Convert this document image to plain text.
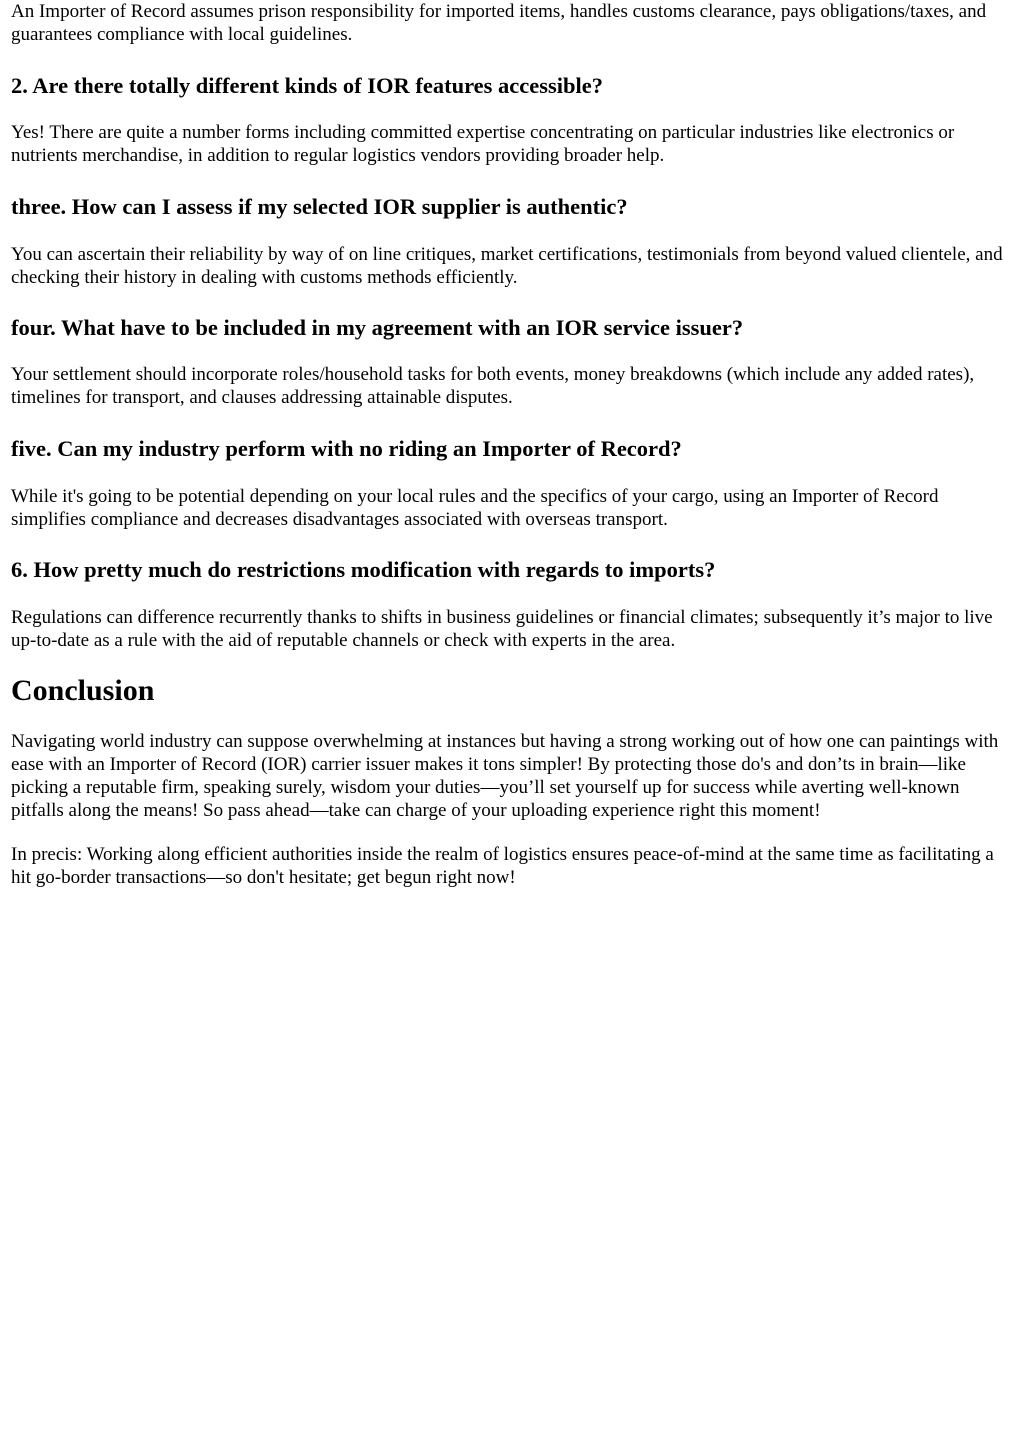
An Importer of Record assumes prison responsibility for imported items, handles customs clearance, pays obligations/taxes, and guarantees compliance with local guidelines.

2. Are there totally different kinds of IOR features accessible?

Yes! There are quite a number forms including committed expertise concentrating on particular industries like electronics or nutrients merchandise, in addition to regular logistics vendors providing broader help.

three. How can I assess if my selected IOR supplier is authentic?

You can ascertain their reliability by way of on line critiques, market certifications, testimonials from beyond valued clientele, and checking their history in dealing with customs methods efficiently.

four. What have to be included in my agreement with an IOR service issuer?

Your settlement should incorporate roles/household tasks for both events, money breakdowns (which include any added rates), timelines for transport, and clauses addressing attainable disputes.

five. Can my industry perform with no riding an Importer of Record?

While it's going to be potential depending on your local rules and the specifics of your cargo, using an Importer of Record simplifies compliance and decreases disadvantages associated with overseas transport.

6. How pretty much do restrictions modification with regards to imports?

Regulations can difference recurrently thanks to shifts in business guidelines or financial climates; subsequently it’s major to live up-to-date as a rule with the aid of reputable channels or check with experts in the area.

Conclusion

Navigating world industry can suppose overwhelming at instances but having a strong working out of how one can paintings with ease with an Importer of Record (IOR) carrier issuer makes it tons simpler! By protecting those do's and don’ts in brain—like picking a reputable firm, speaking surely, wisdom your duties—you’ll set yourself up for success while averting well-known pitfalls along the means! So pass ahead—take can charge of your uploading experience right this moment!

In precis: Working along efficient authorities inside the realm of logistics ensures peace-of-mind at the same time as facilitating a hit go-border transactions—so don't hesitate; get begun right now!
